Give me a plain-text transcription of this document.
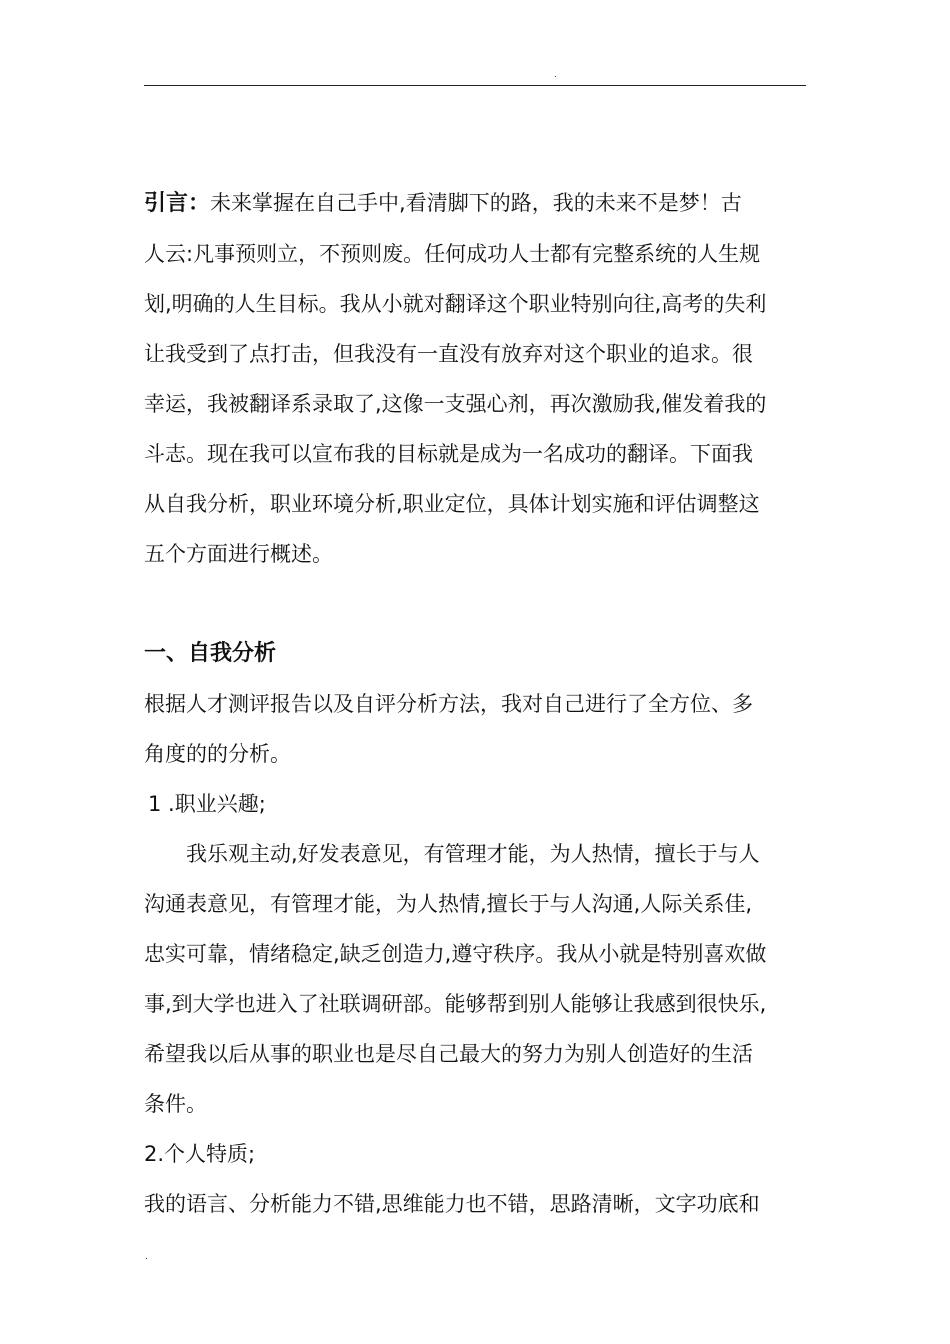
.

引言：未来掌握在自己手中,看清脚下的路，我的未来不是梦！古

人云:凡事预则立，不预则废。任何成功人士都有完整系统的人生规

划,明确的人生目标。我从小就对翻译这个职业特别向往,高考的失利

让我受到了点打击，但我没有一直没有放弃对这个职业的追求。很

幸运，我被翻译系录取了,这像一支强心剂，再次激励我,催发着我的

斗志。现在我可以宣布我的目标就是成为一名成功的翻译。下面我

从自我分析，职业环境分析,职业定位，具体计划实施和评估调整这

五个方面进行概述。

一、自我分析

根据人才测评报告以及自评分析方法，我对自己进行了全方位、多

角度的的分析。

1 .职业兴趣;

我乐观主动,好发表意见，有管理才能，为人热情，擅长于与人

沟通表意见，有管理才能，为人热情,擅长于与人沟通,人际关系佳,

忠实可靠，情绪稳定,缺乏创造力,遵守秩序。我从小就是特别喜欢做

事,到大学也进入了社联调研部。能够帮到别人能够让我感到很快乐,

希望我以后从事的职业也是尽自己最大的努力为别人创造好的生活

条件。

2.个人特质;

我的语言、分析能力不错,思维能力也不错，思路清晰，文字功底和

.
